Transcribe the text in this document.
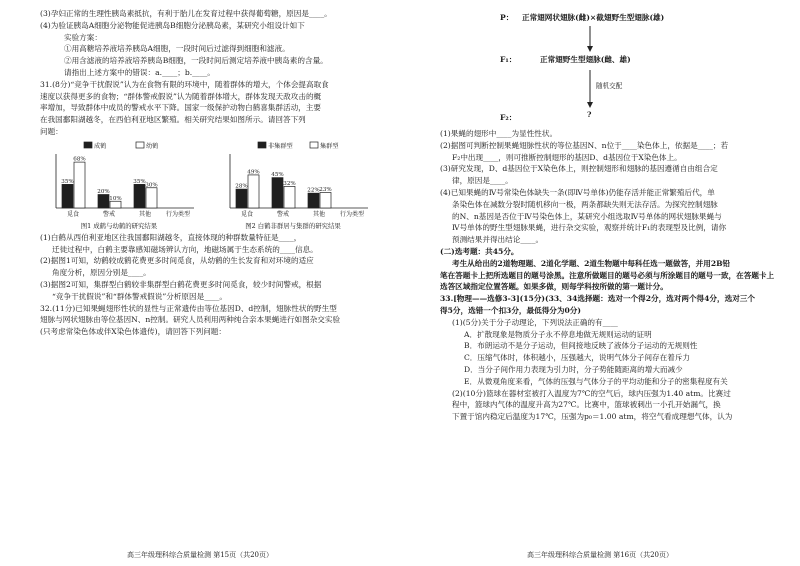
(3)孕妇正常的生理性胰岛素抵抗，有利于胎儿在发育过程中获得葡萄糖，原因是____。

(4)为验证胰岛A细胞分泌物能促进胰岛B细胞分泌胰岛素，某研究小组设计如下

实验方案：

①用高糖培养液培养胰岛A细胞，一段时间后过滤得到细胞和滤液。

②用含滤液的培养液培养胰岛B细胞，一段时间后测定培养液中胰岛素的含量。

请指出上述方案中的错误：a.____；b.____。

31.(8分)“竞争干扰假说”认为在食物有限的环境中，随着群体的增大，个体会提高取食

速度以获得更多的食物；“群体警戒假说”认为随着群体增大，群体发现天敌攻击的概

率增加，导致群体中成员的警戒水平下降。国家一级保护动物白鹤喜集群活动，主要

在我国鄱阳湖越冬，在西伯利亚地区繁殖。相关研究结果如图所示。请回答下列

问题：

成鹤	幼鹤
35%
68%
20%
10%
35%
30%
觅食	警戒	其他 行为类型
图1 成鹤与幼鹤的研究结果
非集群型	集群型
28%
49% 45%
32%
22% 23%
觅食	警戒	其他 行为类型
图2 白鹤非群居与集群的研究结果

(1)白鹤从西伯利亚地区往我国鄱阳湖越冬，直接体现的种群数量特征是____，

迁徙过程中，白鹤主要靠感知磁场辨认方向，地磁场属于生态系统的____信息。

(2)据图1可知，幼鹤较成鹤花费更多时间觅食，从幼鹤的生长发育和对环境的适应

角度分析，原因分别是____。

(3)据图2可知，集群型白鹤较非集群型白鹤花费更多时间觅食，较少时间警戒，根据

“竞争干扰假说”和“群体警戒假说”分析原因是____。

32.(11分)已知果蝇翅形性状的显性与正常遗传由等位基因D、d控制，翅脉性状的野生型

翅脉与网状翅脉由等位基因N、n控制。研究人员利用两种纯合亲本果蝇进行如图杂交实验

(只考虑常染色体或伴X染色体遗传)，请回答下列问题：

高三年级理科综合质量检测 第15页（共20页）
P： 正常翅网状翅脉(雌)×截翅野生型翅脉(雄)
F₁：	正常翅野生型翅脉(雌、雄)
随机交配
F₂：	?

(1)果蝇的翅形中____为显性性状。

(2)据图可判断控制果蝇翅脉性状的等位基因N、n位于____染色体上，依据是____；若

F₂中出现____，则可推断控制翅形的基因D、d基因位于X染色体上。

(3)研究发现，D、d基因位于X染色体上，则控制翅形和翅脉的基因遵循自由组合定

律，原因是____。

(4)已知果蝇的Ⅳ号常染色体缺失一条(即Ⅳ号单体)仍能存活并能正常繁殖后代，单

条染色体在减数分裂时随机移向一极，两条都缺失则无法存活。为探究控制翅脉

的N、n基因是否位于Ⅳ号染色体上，某研究小组选取Ⅳ号单体的网状翅脉果蝇与

Ⅳ号单体的野生型翅脉果蝇，进行杂交实验，观察并统计F₁的表现型及比例，请你

预测结果并得出结论____。

(二)选考题：共45分。

考生从给出的2道物理题、2道化学题、2道生物题中每科任选一题做答，并用2B铅

笔在答题卡上把所选题目的题号涂黑。注意所做题目的题号必须与所涂题目的题号一致，在答题卡上

选答区域指定位置答题。如果多做，则每学科按所做的第一题计分。

33.[物理——选修3-3](15分)(33、34选择题：选对一个得2分，选对两个得4分，选对三个

得5分，选错一个扣3分，最低得分为0分)

(1)(5分)关于分子动理论，下列说法正确的有____

A．扩散现象是物质分子永不停息地做无规则运动的证明

B．布朗运动不是分子运动，但间接地反映了液体分子运动的无规则性

C．压缩气体时，体积越小，压强越大，说明气体分子间存在着斥力

D．当分子间作用力表现为引力时，分子势能随距离的增大而减少

E．从微观角度来看，气体的压强与气体分子的平均动能和分子的密集程度有关

(2)(10分)篮球在器材室被打入温度为7℃的空气后，球内压强为1.40 atm。比赛过

程中，篮球内气体的温度升高为27℃。比赛中，篮球被刺出一小孔开始漏气，换

下置于馆内稳定后温度为17℃，压强为p₀＝1.00 atm，将空气看成理想气体，认为

高三年级理科综合质量检测 第16页（共20页）
